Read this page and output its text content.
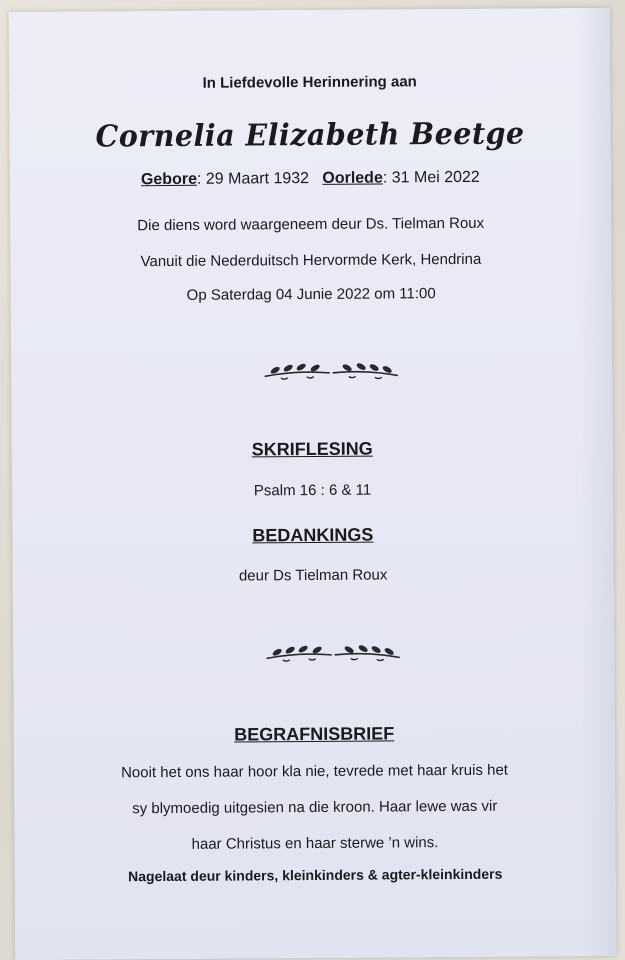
In Liefdevolle Herinnering aan
Cornelia Elizabeth Beetge
Gebore: 29 Maart 1932 Oorlede: 31 Mei 2022
Die diens word waargeneem deur Ds. Tielman Roux
Vanuit die Nederduitsch Hervormde Kerk, Hendrina
Op Saterdag 04 Junie 2022 om 11:00
SKRIFLESING
Psalm 16 : 6 & 11
BEDANKINGS
deur Ds Tielman Roux
BEGRAFNISBRIEF
Nooit het ons haar hoor kla nie, tevrede met haar kruis het
sy blymoedig uitgesien na die kroon. Haar lewe was vir
haar Christus en haar sterwe ’n wins.
Nagelaat deur kinders, kleinkinders & agter-kleinkinders
